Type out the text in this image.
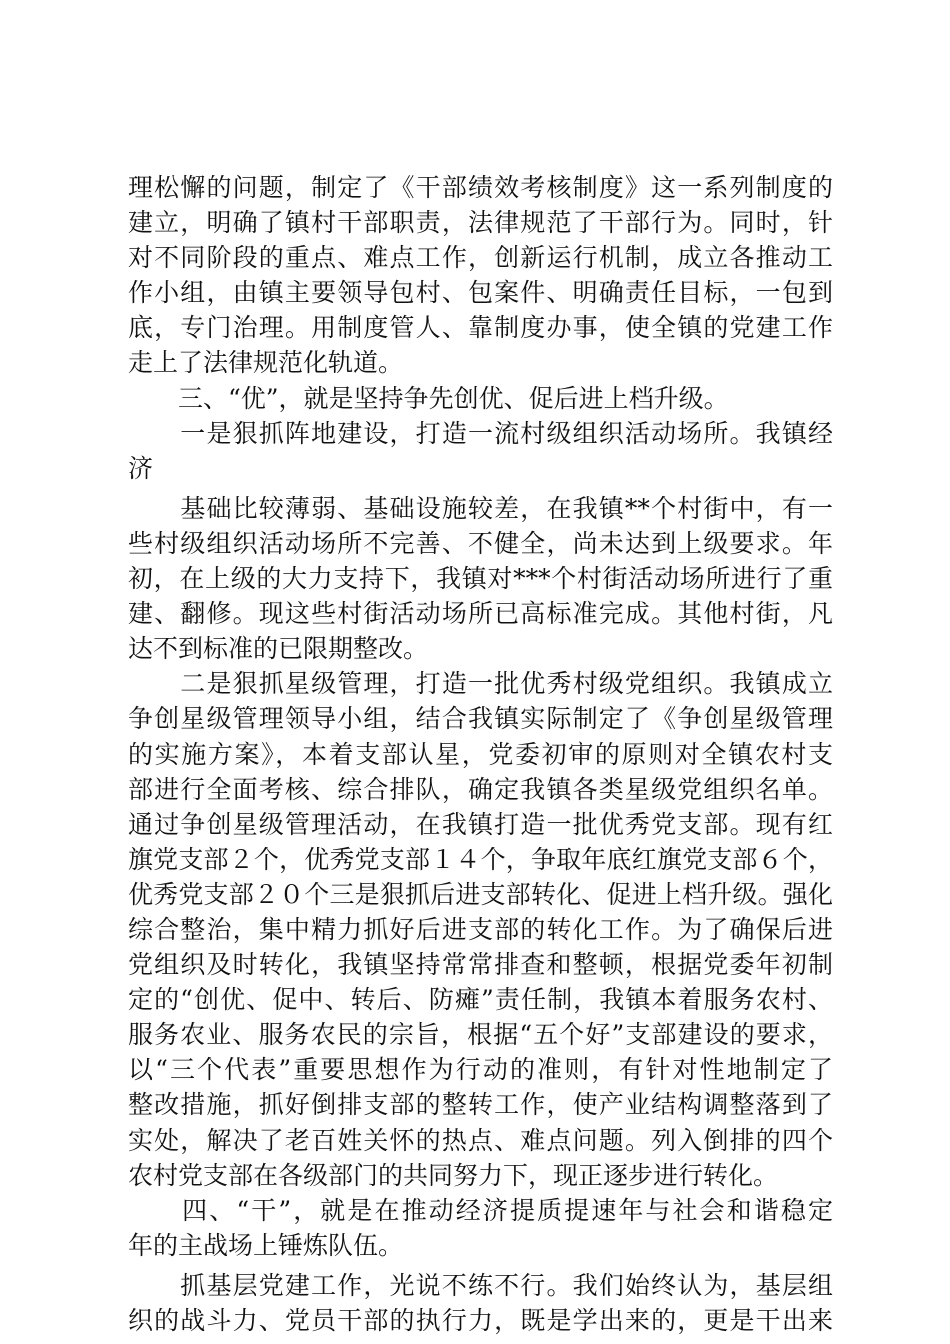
理松懈的问题，制定了《干部绩效考核制度》这一系列制度的
建立，明确了镇村干部职责，法律规范了干部行为。同时，针
对不同阶段的重点、难点工作，创新运行机制，成立各推动工
作小组，由镇主要领导包村、包案件、明确责任目标，一包到
底，专门治理。用制度管人、靠制度办事，使全镇的党建工作
走上了法律规范化轨道。
　　三、“优”，就是坚持争先创优、促后进上档升级。
　　一是狠抓阵地建设，打造一流村级组织活动场所。我镇经
济
　　基础比较薄弱、基础设施较差，在我镇**个村街中，有一
些村级组织活动场所不完善、不健全，尚未达到上级要求。年
初，在上级的大力支持下，我镇对***个村街活动场所进行了重
建、翻修。现这些村街活动场所已高标准完成。其他村街，凡
达不到标准的已限期整改。
　　二是狠抓星级管理，打造一批优秀村级党组织。我镇成立
争创星级管理领导小组，结合我镇实际制定了《争创星级管理
的实施方案》，本着支部认星，党委初审的原则对全镇农村支
部进行全面考核、综合排队，确定我镇各类星级党组织名单。
通过争创星级管理活动，在我镇打造一批优秀党支部。现有红
旗党支部２个，优秀党支部１４个，争取年底红旗党支部６个，
优秀党支部２０个三是狠抓后进支部转化、促进上档升级。强化
综合整治，集中精力抓好后进支部的转化工作。为了确保后进
党组织及时转化，我镇坚持常常排查和整顿，根据党委年初制
定的“创优、促中、转后、防瘫”责任制，我镇本着服务农村、
服务农业、服务农民的宗旨，根据“五个好”支部建设的要求，
以“三个代表”重要思想作为行动的准则，有针对性地制定了
整改措施，抓好倒排支部的整转工作，使产业结构调整落到了
实处，解决了老百姓关怀的热点、难点问题。列入倒排的四个
农村党支部在各级部门的共同努力下，现正逐步进行转化。
　　四、“干”，就是在推动经济提质提速年与社会和谐稳定
年的主战场上锤炼队伍。
　　抓基层党建工作，光说不练不行。我们始终认为，基层组
织的战斗力、党员干部的执行力，既是学出来的，更是干出来
